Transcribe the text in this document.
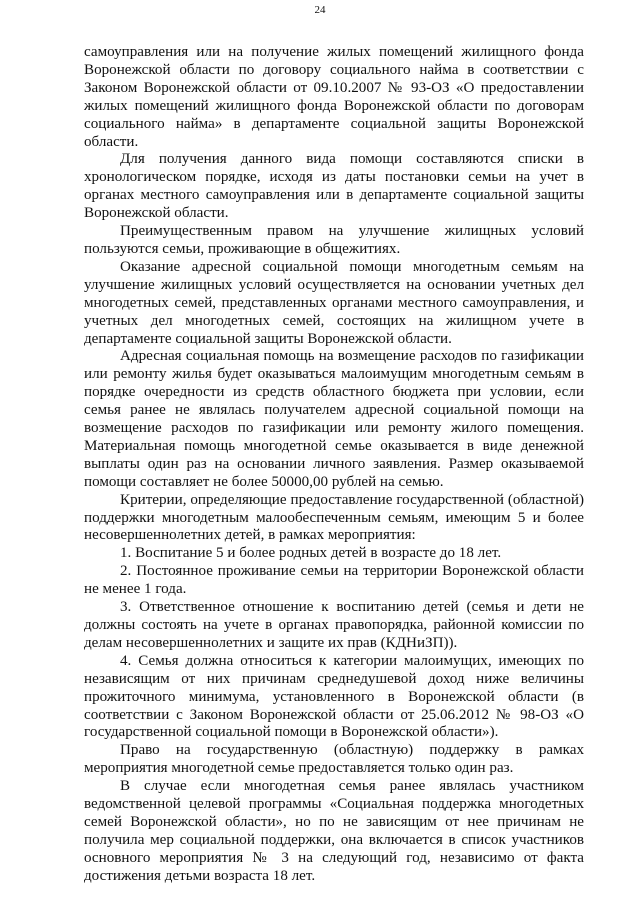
24

самоуправления или на получение жилых помещений жилищного фонда Воронежской области по договору социального найма в соответствии с Законом Воронежской области от 09.10.2007 № 93-ОЗ «О предоставлении жилых помещений жилищного фонда Воронежской области по договорам социального найма» в департаменте социальной защиты Воронежской области.

Для получения данного вида помощи составляются списки в хронологическом порядке, исходя из даты постановки семьи на учет в органах местного самоуправления или в департаменте социальной защиты Воронежской области.

Преимущественным правом на улучшение жилищных условий пользуются семьи, проживающие в общежитиях.

Оказание адресной социальной помощи многодетным семьям на улучшение жилищных условий осуществляется на основании учетных дел многодетных семей, представленных органами местного самоуправления, и учетных дел многодетных семей, состоящих на жилищном учете в департаменте социальной защиты Воронежской области.

Адресная социальная помощь на возмещение расходов по газификации или ремонту жилья будет оказываться малоимущим многодетным семьям в порядке очередности из средств областного бюджета при условии, если семья ранее не являлась получателем адресной социальной помощи на возмещение расходов по газификации или ремонту жилого помещения. Материальная помощь многодетной семье оказывается в виде денежной выплаты один раз на основании личного заявления. Размер оказываемой помощи составляет не более 50000,00 рублей на семью.

Критерии, определяющие предоставление государственной (областной) поддержки многодетным малообеспеченным семьям, имеющим 5 и более несовершеннолетних детей, в рамках мероприятия:

1. Воспитание 5 и более родных детей в возрасте до 18 лет.

2. Постоянное проживание семьи на территории Воронежской области не менее 1 года.

3. Ответственное отношение к воспитанию детей (семья и дети не должны состоять на учете в органах правопорядка, районной комиссии по делам несовершеннолетних и защите их прав (КДНиЗП)).

4. Семья должна относиться к категории малоимущих, имеющих по независящим от них причинам среднедушевой доход ниже величины прожиточного минимума, установленного в Воронежской области (в соответствии с Законом Воронежской области от 25.06.2012 № 98-ОЗ «О государственной социальной помощи в Воронежской области»).

Право на государственную (областную) поддержку в рамках мероприятия многодетной семье предоставляется только один раз.

В случае если многодетная семья ранее являлась участником ведомственной целевой программы «Социальная поддержка многодетных семей Воронежской области», но по не зависящим от нее причинам не получила мер социальной поддержки, она включается в список участников основного мероприятия № 3 на следующий год, независимо от факта достижения детьми возраста 18 лет.
